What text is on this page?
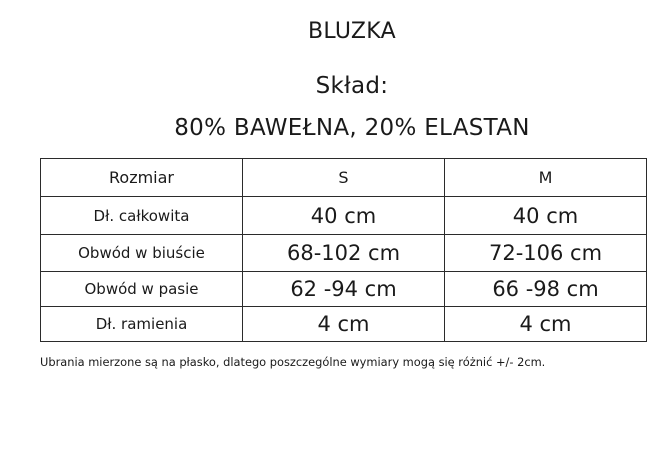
BLUZKA
Skład:
80% BAWEŁNA, 20% ELASTAN
Rozmiar	S	M
Dł. całkowita	40 cm	40 cm
Obwód w biuście	68-102 cm	72-106 cm
Obwód w pasie	62 -94 cm	66 -98 cm
Dł. ramienia	4 cm	4 cm
Ubrania mierzone są na płasko, dlatego poszczególne wymiary mogą się różnić +/- 2cm.
